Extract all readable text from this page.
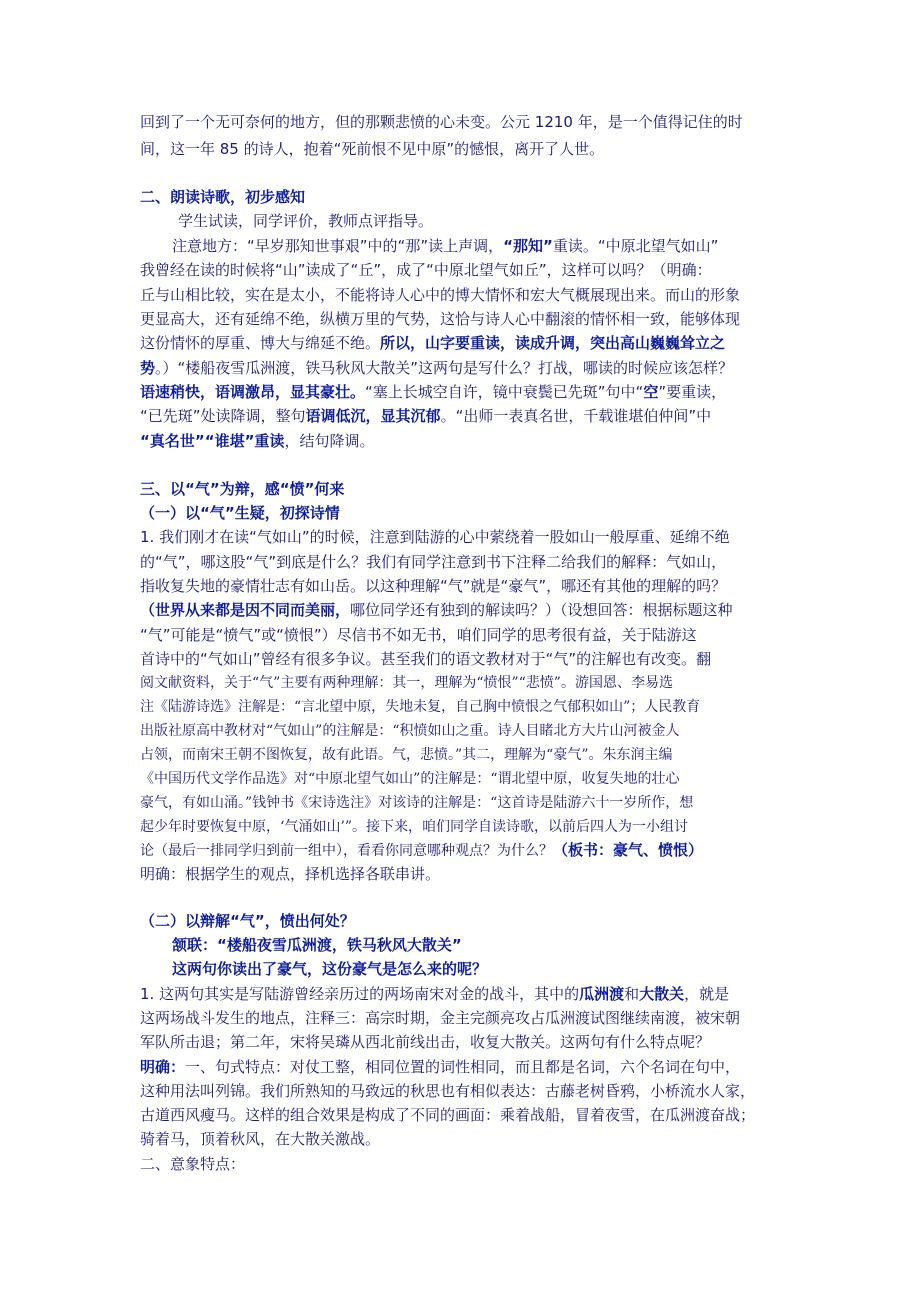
回到了一个无可奈何的地方，但的那颗悲愤的心未变。公元 1210 年，是一个值得记住的时
间，这一年 85 的诗人，抱着“死前恨不见中原”的憾恨，离开了人世。
二、朗读诗歌，初步感知
学生试读，同学评价，教师点评指导。
注意地方：“早岁那知世事艰”中的“那”读上声调，“那知”重读。“中原北望气如山”
我曾经在读的时候将“山”读成了“丘”，成了“中原北望气如丘”，这样可以吗？（明确：
丘与山相比较，实在是太小，不能将诗人心中的博大情怀和宏大气概展现出来。而山的形象
更显高大，还有延绵不绝，纵横万里的气势，这恰与诗人心中翻滚的情怀相一致，能够体现
这份情怀的厚重、博大与绵延不绝。所以，山字要重读，读成升调，突出高山巍巍耸立之
势。）“楼船夜雪瓜洲渡，铁马秋风大散关”这两句是写什么？打战，哪读的时候应该怎样？
语速稍快，语调激昂，显其豪壮。“塞上长城空自许，镜中衰鬓已先斑”句中“空”要重读，
“已先斑”处读降调，整句语调低沉，显其沉郁。“出师一表真名世，千载谁堪伯仲间”中
“真名世”“谁堪”重读，结句降调。
三、以“气”为辩，感“愤”何来
（一）以“气”生疑，初探诗情
1. 我们刚才在读“气如山”的时候，注意到陆游的心中萦绕着一股如山一般厚重、延绵不绝
的“气”，哪这股“气”到底是什么？我们有同学注意到书下注释二给我们的解释：气如山，
指收复失地的豪情壮志有如山岳。以这种理解“气”就是“豪气”，哪还有其他的理解的吗？
（世界从来都是因不同而美丽，哪位同学还有独到的解读吗？）（设想回答：根据标题这种
“气”可能是“愤气”或“愤恨”）尽信书不如无书，咱们同学的思考很有益，关于陆游这
首诗中的“气如山”曾经有很多争议。甚至我们的语文教材对于“气”的注解也有改变。翻
阅文献资料，关于“气”主要有两种理解：其一，理解为“愤恨”“悲愤”。游国恩、李易选
注《陆游诗选》注解是：“言北望中原，失地未复，自己胸中愤恨之气郁积如山”；人民教育
出版社原高中教材对“气如山”的注解是：“积愤如山之重。诗人目睹北方大片山河被金人
占领，而南宋王朝不图恢复，故有此语。气，悲愤。”其二，理解为“豪气”。朱东润主编
《中国历代文学作品选》对“中原北望气如山”的注解是：“谓北望中原，收复失地的壮心
豪气，有如山涌。”钱钟书《宋诗选注》对该诗的注解是：“这首诗是陆游六十一岁所作，想
起少年时要恢复中原，‘气涌如山’”。接下来，咱们同学自读诗歌，以前后四人为一小组讨
论（最后一排同学归到前一组中），看看你同意哪种观点？为什么？（板书：豪气、愤恨）
明确：根据学生的观点，择机选择各联串讲。
（二）以辩解“气”，愤出何处？
颔联：“楼船夜雪瓜洲渡，铁马秋风大散关”
这两句你读出了豪气，这份豪气是怎么来的呢？
1. 这两句其实是写陆游曾经亲历过的两场南宋对金的战斗，其中的瓜洲渡和大散关，就是
这两场战斗发生的地点，注释三：高宗时期，金主完颜亮攻占瓜洲渡试图继续南渡，被宋朝
军队所击退；第二年，宋将吴璘从西北前线出击，收复大散关。这两句有什么特点呢？
明确：一、句式特点：对仗工整，相同位置的词性相同，而且都是名词，六个名词在句中，
这种用法叫列锦。我们所熟知的马致远的秋思也有相似表达：古藤老树昏鸦，小桥流水人家，
古道西风瘦马。这样的组合效果是构成了不同的画面：乘着战船，冒着夜雪，在瓜洲渡奋战；
骑着马，顶着秋风，在大散关激战。
二、意象特点：
